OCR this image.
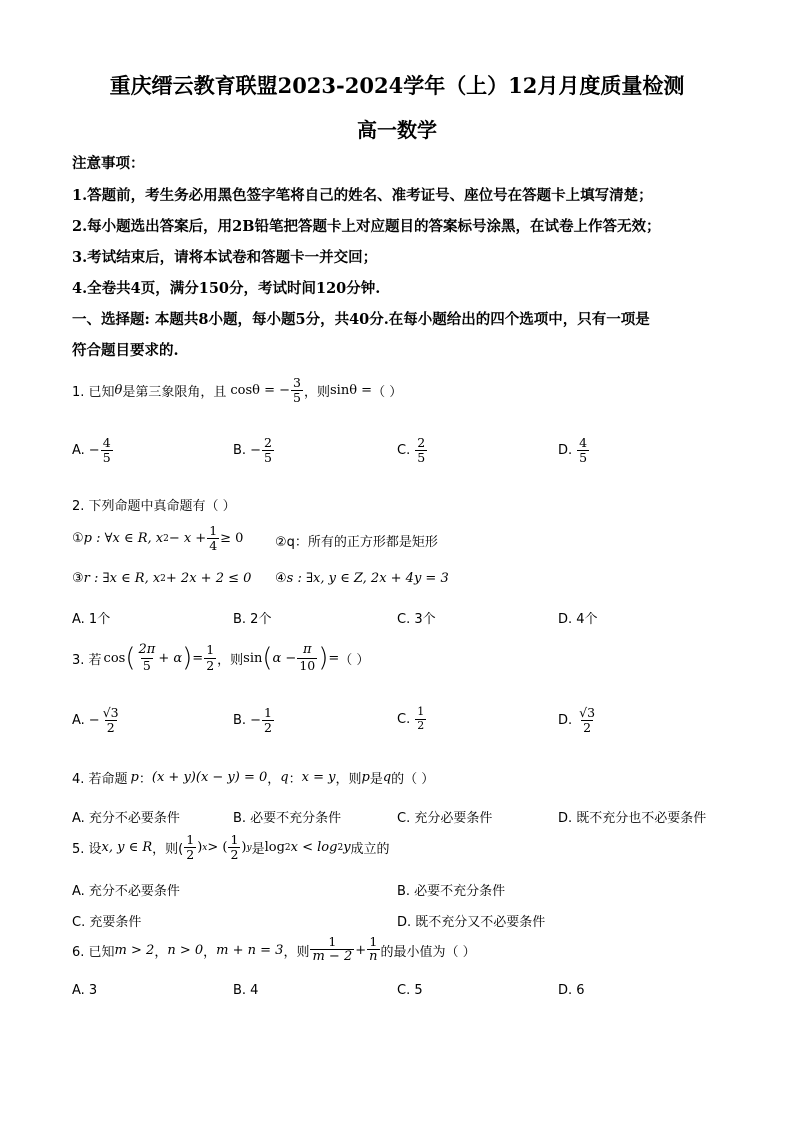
重庆缙云教育联盟2023-2024学年（上）12月月度质量检测
高一数学
注意事项：
1.答题前，考生务必用黑色签字笔将自己的姓名、准考证号、座位号在答题卡上填写清楚；
2.每小题选出答案后，用2B铅笔把答题卡上对应题目的答案标号涂黑，在试卷上作答无效；
3.考试结束后，请将本试卷和答题卡一并交回；
4.全卷共4页，满分150分，考试时间120分钟.
一、选择题: 本题共8小题，每小题5分，共40分.在每小题给出的四个选项中，只有一项是
符合题目要求的.
1. 已知 θ 是第三象限角，且 cosθ = − $\frac{3}{5}$ ，则 sinθ = （ ）
A. − $\frac{4}{5}$	B. − $\frac{2}{5}$	C. $\frac{2}{5}$	D. $\frac{4}{5}$
2. 下列命题中真命题有（ ）
① p : ∀x ∈ R, x $2 - x + \frac{1}{4} \ge 0$ ②q：所有的正方形都是矩形
③ r : ∃x ∈ R, x 2 + 2x + 2 ≤ 0 ④ s : ∃x, y ∈ Z, 2x + 4y = 3
A. 1个	B. 2个	C. 3个	D. 4个
3. 若 cos ( $\frac{2\pi}{5} + \alpha$ ) = $\frac{1}{2}$ ，则 sin ( $\alpha - \frac{\pi}{10}$ ) = （ ）
A. − $\frac{√3}{2}$	B. − $\frac{1}{2}$	C. $\frac{1}{2}$	D. $\frac{√3}{2}$
4. 若命题 p ： (x + y)(x − y) = 0 ， q ： x = y ，则 p 是 q 的（ ）
A. 充分不必要条件	B. 必要不充分条件	C. 充分必要条件	D. 既不充分也不必要条件
5. 设 x, y ∈ R ，则( $\frac{1}{2}$ ) x > ( $\frac{1}{2}$ ) y 是 log 2 x < log 2 y 成立的
A. 充分不必要条件	B. 必要不充分条件
C. 充要条件	D. 既不充分又不必要条件
6. 已知 m > 2 ， n > 0 ， m + n = 3 ，则 $\frac{1}{m - 2} + \frac{1}{n}$ 的最小值为（ ）
A. 3	B. 4	C. 5	D. 6
